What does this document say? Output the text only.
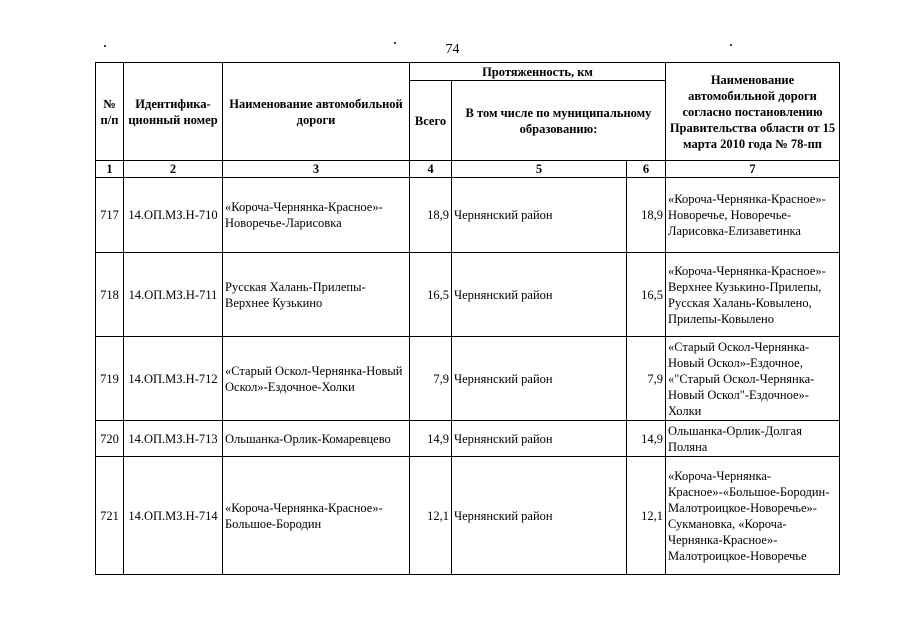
74
№ п/п	Идентифика-ционный номер	Наименование автомобильной дороги	Протяженность, км			Наименование автомобильной дороги согласно постановлению Правительства области от 15 марта 2010 года № 78-пп
			Всего	В том числе по муниципальному образованию:		
1	2	3	4	5	6	7
717	14.ОП.МЗ.Н-710	«Короча-Чернянка-Красное»-Новоречье-Ларисовка	18,9	Чернянский район	18,9	«Короча-Чернянка-Красное»-Новоречье, Новоречье-Ларисовка-Елизаветинка
718	14.ОП.МЗ.Н-711	Русская Халань-Прилепы-Верхнее Кузькино	16,5	Чернянский район	16,5	«Короча-Чернянка-Красное»-Верхнее Кузькино-Прилепы, Русская Халань-Ковылено, Прилепы-Ковылено
719	14.ОП.МЗ.Н-712	«Старый Оскол-Чернянка-Новый Оскол»-Ездочное-Холки	7,9	Чернянский район	7,9	«Старый Оскол-Чернянка-Новый Оскол»-Ездочное, «"Старый Оскол-Чернянка-Новый Оскол"-Ездочное»-Холки
720	14.ОП.МЗ.Н-713	Ольшанка-Орлик-Комаревцево	14,9	Чернянский район	14,9	Ольшанка-Орлик-Долгая Поляна
721	14.ОП.МЗ.Н-714	«Короча-Чернянка-Красное»-Большое-Бородин	12,1	Чернянский район	12,1	«Короча-Чернянка-Красное»-«Большое-Бородин-Малотроицкое-Новоречье»-Сукмановка, «Короча-Чернянка-Красное»-Малотроицкое-Новоречье
